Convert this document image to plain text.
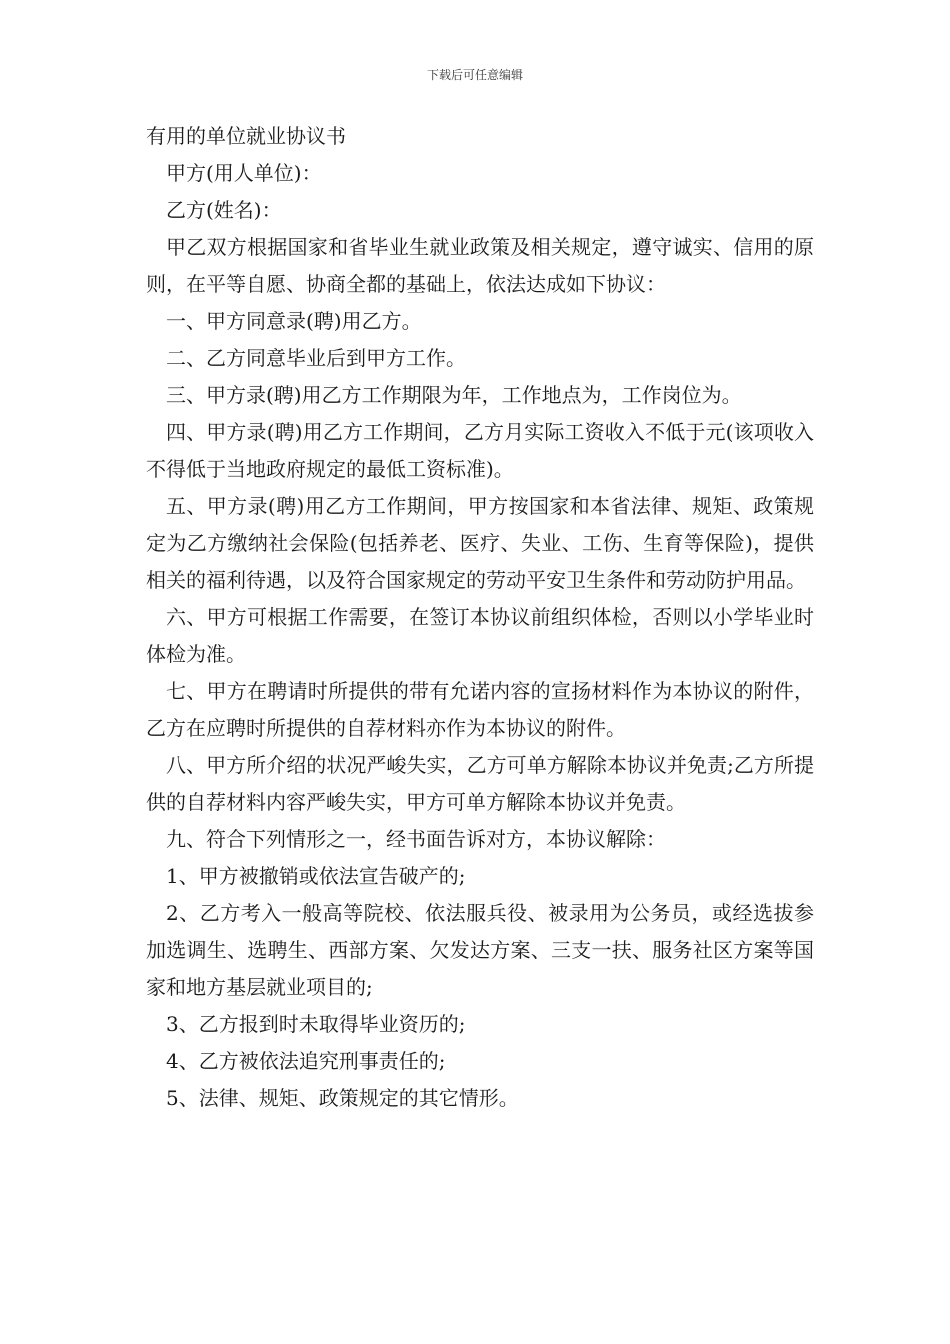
下载后可任意编辑

有用的单位就业协议书

甲方(用人单位)：

乙方(姓名)：

甲乙双方根据国家和省毕业生就业政策及相关规定，遵守诚实、信用的原则，在平等自愿、协商全都的基础上，依法达成如下协议：

一、甲方同意录(聘)用乙方。

二、乙方同意毕业后到甲方工作。

三、甲方录(聘)用乙方工作期限为年，工作地点为，工作岗位为。

四、甲方录(聘)用乙方工作期间，乙方月实际工资收入不低于元(该项收入不得低于当地政府规定的最低工资标准)。

五、甲方录(聘)用乙方工作期间，甲方按国家和本省法律、规矩、政策规定为乙方缴纳社会保险(包括养老、医疗、失业、工伤、生育等保险)，提供相关的福利待遇，以及符合国家规定的劳动平安卫生条件和劳动防护用品。

六、甲方可根据工作需要，在签订本协议前组织体检，否则以小学毕业时体检为准。

七、甲方在聘请时所提供的带有允诺内容的宣扬材料作为本协议的附件，乙方在应聘时所提供的自荐材料亦作为本协议的附件。

八、甲方所介绍的状况严峻失实，乙方可单方解除本协议并免责;乙方所提供的自荐材料内容严峻失实，甲方可单方解除本协议并免责。

九、符合下列情形之一，经书面告诉对方，本协议解除：

1、甲方被撤销或依法宣告破产的;

2、乙方考入一般高等院校、依法服兵役、被录用为公务员，或经选拔参加选调生、选聘生、西部方案、欠发达方案、三支一扶、服务社区方案等国家和地方基层就业项目的;

3、乙方报到时未取得毕业资历的;

4、乙方被依法追究刑事责任的;

5、法律、规矩、政策规定的其它情形。
